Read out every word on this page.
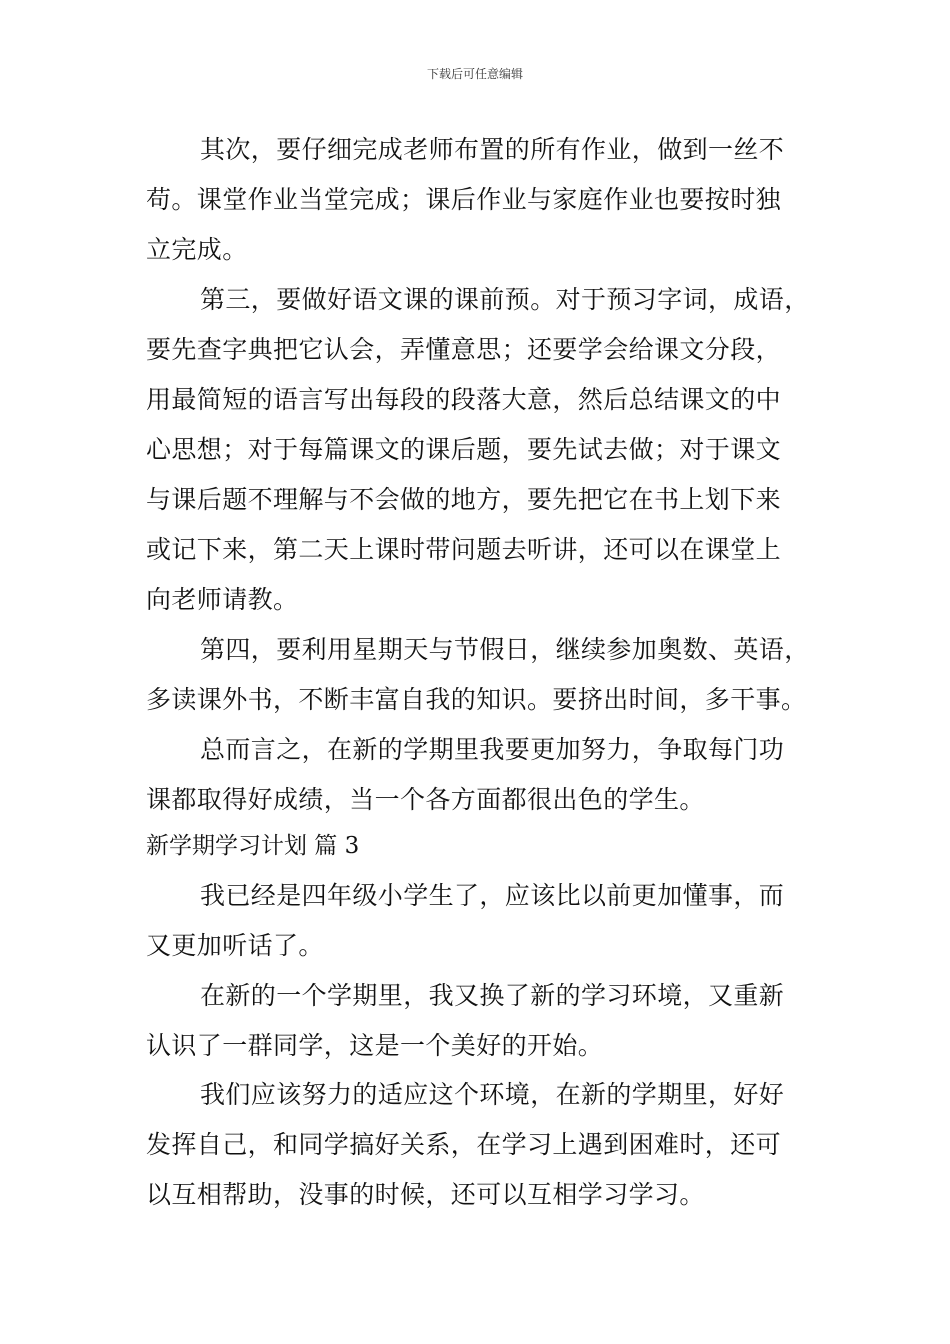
下载后可任意编辑
其次，要仔细完成老师布置的所有作业，做到一丝不
苟。课堂作业当堂完成；课后作业与家庭作业也要按时独
立完成。
第三，要做好语文课的课前预。对于预习字词，成语，
要先查字典把它认会，弄懂意思；还要学会给课文分段，
用最简短的语言写出每段的段落大意，然后总结课文的中
心思想；对于每篇课文的课后题，要先试去做；对于课文
与课后题不理解与不会做的地方，要先把它在书上划下来
或记下来，第二天上课时带问题去听讲，还可以在课堂上
向老师请教。
第四，要利用星期天与节假日，继续参加奥数、英语，
多读课外书，不断丰富自我的知识。要挤出时间，多干事。
总而言之，在新的学期里我要更加努力，争取每门功
课都取得好成绩，当一个各方面都很出色的学生。
新学期学习计划 篇 3
我已经是四年级小学生了，应该比以前更加懂事，而
又更加听话了。
在新的一个学期里，我又换了新的学习环境，又重新
认识了一群同学，这是一个美好的开始。
我们应该努力的适应这个环境，在新的学期里，好好
发挥自己，和同学搞好关系，在学习上遇到困难时，还可
以互相帮助，没事的时候，还可以互相学习学习。
